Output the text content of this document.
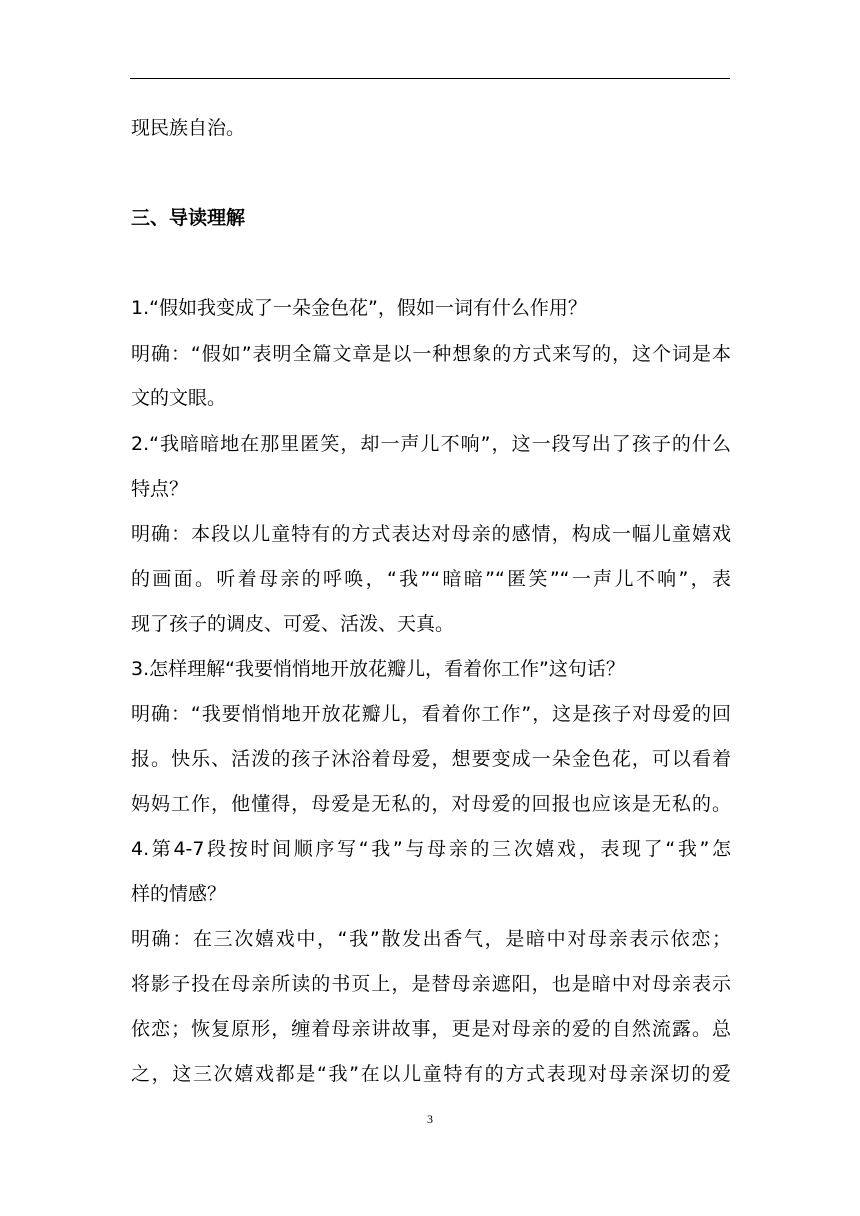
现民族自治。
三、导读理解
1.“假如我变成了一朵金色花”，假如一词有什么作用？
明确：“假如”表明全篇文章是以一种想象的方式来写的，这个词是本
文的文眼。
2.“我暗暗地在那里匿笑，却一声儿不响”，这一段写出了孩子的什么
特点？
明确：本段以儿童特有的方式表达对母亲的感情，构成一幅儿童嬉戏
的画面。听着母亲的呼唤，“我”“暗暗”“匿笑”“一声儿不响”，表
现了孩子的调皮、可爱、活泼、天真。
3.怎样理解“我要悄悄地开放花瓣儿，看着你工作”这句话？
明确：“我要悄悄地开放花瓣儿，看着你工作”，这是孩子对母爱的回
报。快乐、活泼的孩子沐浴着母爱，想要变成一朵金色花，可以看着
妈妈工作，他懂得，母爱是无私的，对母爱的回报也应该是无私的。
4.第4-7段按时间顺序写“我”与母亲的三次嬉戏，表现了“我”怎
样的情感？
明确：在三次嬉戏中，“我”散发出香气，是暗中对母亲表示依恋；
将影子投在母亲所读的书页上，是替母亲遮阳，也是暗中对母亲表示
依恋；恢复原形，缠着母亲讲故事，更是对母亲的爱的自然流露。总
之，这三次嬉戏都是“我”在以儿童特有的方式表现对母亲深切的爱
3
